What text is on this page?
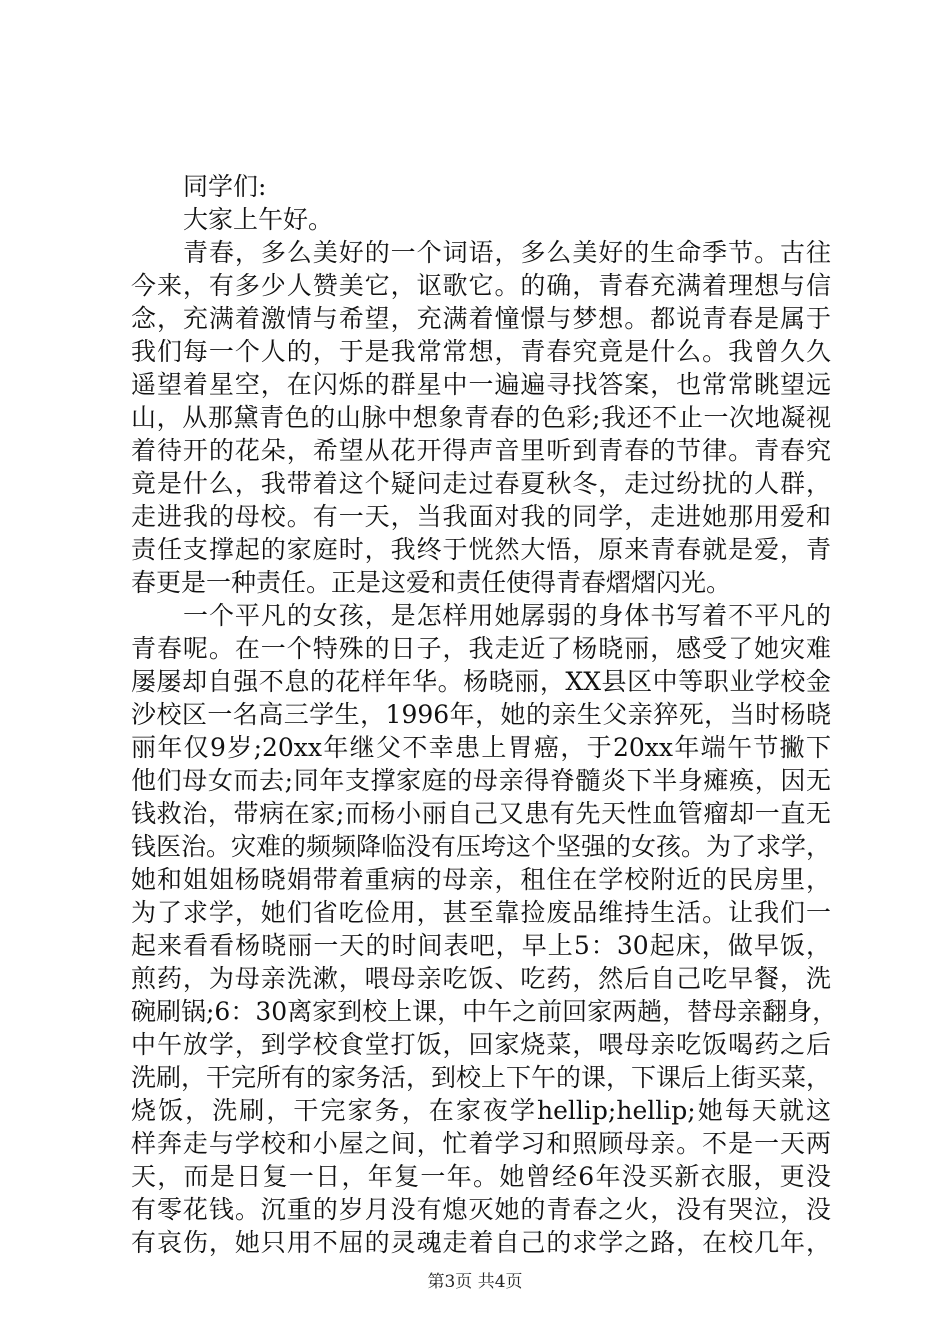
同学们:
大家上午好。
青春，多么美好的一个词语，多么美好的生命季节。古往
今来，有多少人赞美它，讴歌它。的确，青春充满着理想与信
念，充满着激情与希望，充满着憧憬与梦想。都说青春是属于
我们每一个人的，于是我常常想，青春究竟是什么。我曾久久
遥望着星空，在闪烁的群星中一遍遍寻找答案，也常常眺望远
山，从那黛青色的山脉中想象青春的色彩;我还不止一次地凝视
着待开的花朵，希望从花开得声音里听到青春的节律。青春究
竟是什么，我带着这个疑问走过春夏秋冬，走过纷扰的人群，
走进我的母校。有一天，当我面对我的同学，走进她那用爱和
责任支撑起的家庭时，我终于恍然大悟，原来青春就是爱，青
春更是一种责任。正是这爱和责任使得青春熠熠闪光。
一个平凡的女孩，是怎样用她孱弱的身体书写着不平凡的
青春呢。在一个特殊的日子，我走近了杨晓丽，感受了她灾难
屡屡却自强不息的花样年华。杨晓丽，XX县区中等职业学校金
沙校区一名高三学生，1996年，她的亲生父亲猝死，当时杨晓
丽年仅9岁;20xx年继父不幸患上胃癌，于20xx年端午节撇下
他们母女而去;同年支撑家庭的母亲得脊髓炎下半身瘫痪，因无
钱救治，带病在家;而杨小丽自己又患有先天性血管瘤却一直无
钱医治。灾难的频频降临没有压垮这个坚强的女孩。为了求学，
她和姐姐杨晓娟带着重病的母亲，租住在学校附近的民房里，
为了求学，她们省吃俭用，甚至靠捡废品维持生活。让我们一
起来看看杨晓丽一天的时间表吧，早上5：30起床，做早饭，
煎药，为母亲洗漱，喂母亲吃饭、吃药，然后自己吃早餐，洗
碗刷锅;6：30离家到校上课，中午之前回家两趟，替母亲翻身，
中午放学，到学校食堂打饭，回家烧菜，喂母亲吃饭喝药之后
洗刷，干完所有的家务活，到校上下午的课，下课后上街买菜，
烧饭，洗刷，干完家务，在家夜学hellip;hellip;她每天就这
样奔走与学校和小屋之间，忙着学习和照顾母亲。不是一天两
天，而是日复一日，年复一年。她曾经6年没买新衣服，更没
有零花钱。沉重的岁月没有熄灭她的青春之火，没有哭泣，没
有哀伤，她只用不屈的灵魂走着自己的求学之路，在校几年，
第3页 共4页
